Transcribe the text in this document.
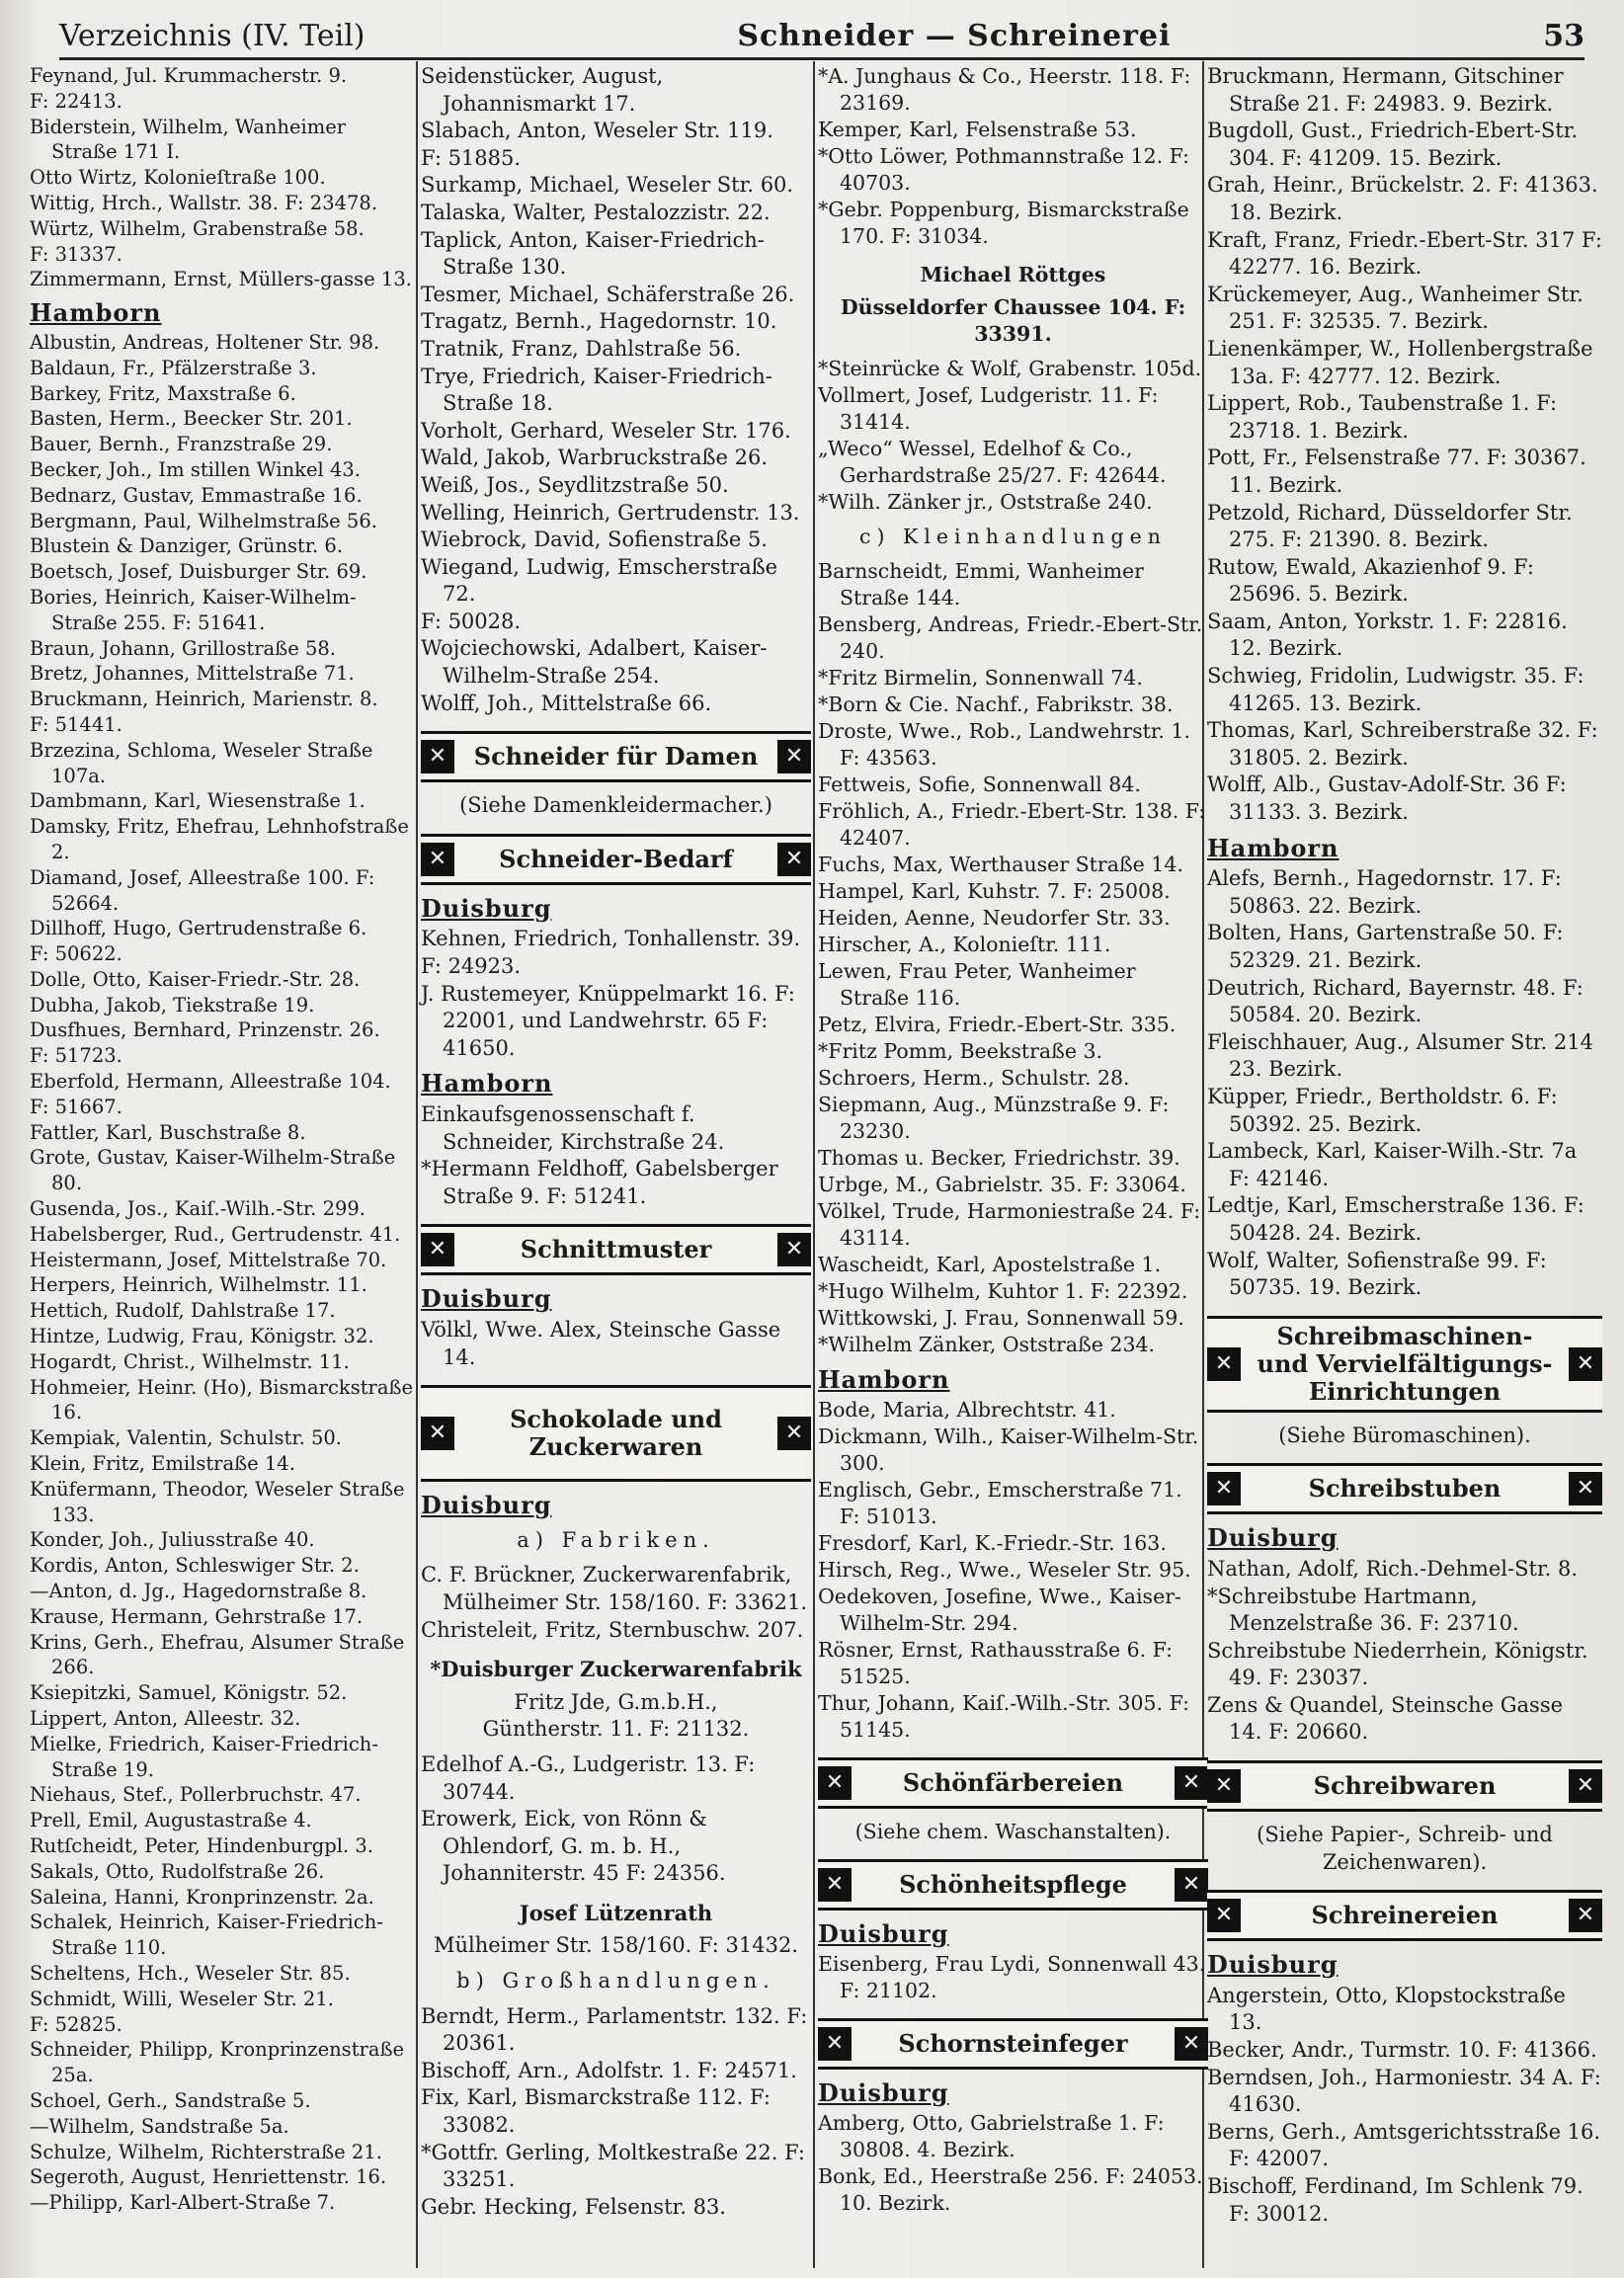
Verzeichnis (IV. Teil)	Schneider — Schreinerei	53

Feynand, Jul. Krummacherstr. 9.

F: 22413.

Biderstein, Wilhelm, Wanheimer Straße 171 I.

Otto Wirtz, Kolonieſtraße 100.

Wittig, Hrch., Wallstr. 38. F: 23478.

Würtz, Wilhelm, Grabenstraße 58.

F: 31337.

Zimmermann, Ernst, Müllers-gasse 13.

Hamborn

Albustin, Andreas, Holtener Str. 98.

Baldaun, Fr., Pfälzerstraße 3.

Barkey, Fritz, Maxstraße 6.

Basten, Herm., Beecker Str. 201.

Bauer, Bernh., Franzstraße 29.

Becker, Joh., Im stillen Winkel 43.

Bednarz, Gustav, Emmastraße 16.

Bergmann, Paul, Wilhelmstraße 56.

Blustein & Danziger, Grünstr. 6.

Boetsch, Josef, Duisburger Str. 69.

Bories, Heinrich, Kaiser-Wilhelm-Straße 255. F: 51641.

Braun, Johann, Grillostraße 58.

Bretz, Johannes, Mittelstraße 71.

Bruckmann, Heinrich, Marienstr. 8.

F: 51441.

Brzezina, Schloma, Weseler Straße 107a.

Dambmann, Karl, Wiesenstraße 1.

Damsky, Fritz, Ehefrau, Lehnhofstraße 2.

Diamand, Josef, Alleestraße 100. F: 52664.

Dillhoff, Hugo, Gertrudenstraße 6.

F: 50622.

Dolle, Otto, Kaiser-Friedr.-Str. 28.

Dubha, Jakob, Tiekstraße 19.

Dusfhues, Bernhard, Prinzenstr. 26.

F: 51723.

Eberfold, Hermann, Alleestraße 104.

F: 51667.

Fattler, Karl, Buschstraße 8.

Grote, Gustav, Kaiser-Wilhelm-Straße 80.

Gusenda, Jos., Kaiſ.-Wilh.-Str. 299.

Habelsberger, Rud., Gertrudenstr. 41.

Heistermann, Josef, Mittelstraße 70.

Herpers, Heinrich, Wilhelmstr. 11.

Hettich, Rudolf, Dahlstraße 17.

Hintze, Ludwig, Frau, Königstr. 32.

Hogardt, Christ., Wilhelmstr. 11.

Hohmeier, Heinr. (Ho), Bismarckstraße 16.

Kempiak, Valentin, Schulstr. 50.

Klein, Fritz, Emilstraße 14.

Knüfermann, Theodor, Weseler Straße 133.

Konder, Joh., Juliusstraße 40.

Kordis, Anton, Schleswiger Str. 2.

—Anton, d. Jg., Hagedornstraße 8.

Krause, Hermann, Gehrstraße 17.

Krins, Gerh., Ehefrau, Alsumer Straße 266.

Ksiepitzki, Samuel, Königstr. 52.

Lippert, Anton, Alleestr. 32.

Mielke, Friedrich, Kaiser-Friedrich-Straße 19.

Niehaus, Stef., Pollerbruchstr. 47.

Prell, Emil, Augustastraße 4.

Rutſcheidt, Peter, Hindenburgpl. 3.

Sakals, Otto, Rudolfstraße 26.

Saleina, Hanni, Kronprinzenstr. 2a.

Schalek, Heinrich, Kaiser-Friedrich-Straße 110.

Scheltens, Hch., Weseler Str. 85.

Schmidt, Willi, Weseler Str. 21.

F: 52825.

Schneider, Philipp, Kronprinzenstraße 25a.

Schoel, Gerh., Sandstraße 5.

—Wilhelm, Sandstraße 5a.

Schulze, Wilhelm, Richterstraße 21.

Segeroth, August, Henriettenstr. 16.

—Philipp, Karl-Albert-Straße 7.

Seidenstücker, August, Johannismarkt 17.

Slabach, Anton, Weseler Str. 119.

F: 51885.

Surkamp, Michael, Weseler Str. 60.

Talaska, Walter, Pestalozzistr. 22.

Taplick, Anton, Kaiser-Friedrich-Straße 130.

Tesmer, Michael, Schäferstraße 26.

Tragatz, Bernh., Hagedornstr. 10.

Tratnik, Franz, Dahlstraße 56.

Trye, Friedrich, Kaiser-Friedrich-Straße 18.

Vorholt, Gerhard, Weseler Str. 176.

Wald, Jakob, Warbruckstraße 26.

Weiß, Jos., Seydlitzstraße 50.

Welling, Heinrich, Gertrudenstr. 13.

Wiebrock, David, Sofienstraße 5.

Wiegand, Ludwig, Emscherstraße 72.

F: 50028.

Wojciechowski, Adalbert, Kaiser-Wilhelm-Straße 254.

Wolff, Joh., Mittelstraße 66.

✕	Schneider für Damen	✕

(Siehe Damenkleidermacher.)

✕	Schneider-Bedarf	✕
Duisburg

Kehnen, Friedrich, Tonhallenstr. 39.

F: 24923.

J. Rustemeyer, Knüppelmarkt 16. F: 22001, und Landwehrstr. 65 F: 41650.

Hamborn

Einkaufsgenossenschaft f. Schneider, Kirchstraße 24.

*Hermann Feldhoff, Gabelsberger Straße 9. F: 51241.

✕	Schnittmuster	✕
Duisburg

Völkl, Wwe. Alex, Steinsche Gasse 14.

✕	Schokolade und Zuckerwaren	✕
Duisburg

a) Fabriken.

C. F. Brückner, Zuckerwarenfabrik, Mülheimer Str. 158/160. F: 33621.

Christeleit, Fritz, Sternbuschw. 207.

*Duisburger Zuckerwarenfabrik

Fritz Jde, G.m.b.H.,

Güntherstr. 11. F: 21132.

Edelhof A.-G., Ludgeristr. 13. F: 30744.

Erowerk, Eick, von Rönn & Ohlendorf, G. m. b. H., Johanniterstr. 45 F: 24356.

Josef Lützenrath

Mülheimer Str. 158/160. F: 31432.

b) Großhandlungen.

Berndt, Herm., Parlamentstr. 132. F: 20361.

Bischoff, Arn., Adolfstr. 1. F: 24571.

Fix, Karl, Bismarckstraße 112. F: 33082.

*Gottfr. Gerling, Moltkestraße 22. F: 33251.

Gebr. Hecking, Felsenstr. 83.

*A. Junghaus & Co., Heerstr. 118. F: 23169.

Kemper, Karl, Felsenstraße 53.

*Otto Löwer, Pothmannstraße 12. F: 40703.

*Gebr. Poppenburg, Bismarckstraße 170. F: 31034.

Michael Röttges

Düsseldorfer Chaussee 104. F: 33391.

*Steinrücke & Wolf, Grabenstr. 105d.

Vollmert, Josef, Ludgeristr. 11. F: 31414.

„Weco“ Wessel, Edelhof & Co., Gerhardstraße 25/27. F: 42644.

*Wilh. Zänker jr., Oststraße 240.

c) Kleinhandlungen

Barnscheidt, Emmi, Wanheimer Straße 144.

Bensberg, Andreas, Friedr.-Ebert-Str. 240.

*Fritz Birmelin, Sonnenwall 74.

*Born & Cie. Nachf., Fabrikstr. 38.

Droste, Wwe., Rob., Landwehrstr. 1. F: 43563.

Fettweis, Sofie, Sonnenwall 84.

Fröhlich, A., Friedr.-Ebert-Str. 138. F: 42407.

Fuchs, Max, Werthauser Straße 14.

Hampel, Karl, Kuhstr. 7. F: 25008.

Heiden, Aenne, Neudorfer Str. 33.

Hirscher, A., Kolonieſtr. 111.

Lewen, Frau Peter, Wanheimer Straße 116.

Petz, Elvira, Friedr.-Ebert-Str. 335.

*Fritz Pomm, Beekstraße 3.

Schroers, Herm., Schulstr. 28.

Siepmann, Aug., Münzstraße 9. F: 23230.

Thomas u. Becker, Friedrichstr. 39.

Urbge, M., Gabrielstr. 35. F: 33064.

Völkel, Trude, Harmoniestraße 24. F: 43114.

Wascheidt, Karl, Apostelstraße 1.

*Hugo Wilhelm, Kuhtor 1. F: 22392.

Wittkowski, J. Frau, Sonnenwall 59.

*Wilhelm Zänker, Oststraße 234.

Hamborn

Bode, Maria, Albrechtstr. 41.

Dickmann, Wilh., Kaiser-Wilhelm-Str. 300.

Englisch, Gebr., Emscherstraße 71. F: 51013.

Fresdorf, Karl, K.-Friedr.-Str. 163.

Hirsch, Reg., Wwe., Weseler Str. 95.

Oedekoven, Josefine, Wwe., Kaiser-Wilhelm-Str. 294.

Rösner, Ernst, Rathausstraße 6. F: 51525.

Thur, Johann, Kaiſ.-Wilh.-Str. 305. F: 51145.

✕	Schönfärbereien	✕

(Siehe chem. Waschanstalten).

✕	Schönheitspflege	✕
Duisburg

Eisenberg, Frau Lydi, Sonnenwall 43. F: 21102.

✕	Schornsteinfeger	✕
Duisburg

Amberg, Otto, Gabrielstraße 1. F: 30808. 4. Bezirk.

Bonk, Ed., Heerstraße 256. F: 24053. 10. Bezirk.

Bruckmann, Hermann, Gitschiner Straße 21. F: 24983. 9. Bezirk.

Bugdoll, Gust., Friedrich-Ebert-Str. 304. F: 41209. 15. Bezirk.

Grah, Heinr., Brückelstr. 2. F: 41363. 18. Bezirk.

Kraft, Franz, Friedr.-Ebert-Str. 317 F: 42277. 16. Bezirk.

Krückemeyer, Aug., Wanheimer Str. 251. F: 32535. 7. Bezirk.

Lienenkämper, W., Hollenbergstraße 13a. F: 42777. 12. Bezirk.

Lippert, Rob., Taubenstraße 1. F: 23718. 1. Bezirk.

Pott, Fr., Felsenstraße 77. F: 30367. 11. Bezirk.

Petzold, Richard, Düsseldorfer Str. 275. F: 21390. 8. Bezirk.

Rutow, Ewald, Akazienhof 9. F: 25696. 5. Bezirk.

Saam, Anton, Yorkstr. 1. F: 22816. 12. Bezirk.

Schwieg, Fridolin, Ludwigstr. 35. F: 41265. 13. Bezirk.

Thomas, Karl, Schreiberstraße 32. F: 31805. 2. Bezirk.

Wolff, Alb., Gustav-Adolf-Str. 36 F: 31133. 3. Bezirk.

Hamborn

Alefs, Bernh., Hagedornstr. 17. F: 50863. 22. Bezirk.

Bolten, Hans, Gartenstraße 50. F: 52329. 21. Bezirk.

Deutrich, Richard, Bayernstr. 48. F: 50584. 20. Bezirk.

Fleischhauer, Aug., Alsumer Str. 214 23. Bezirk.

Küpper, Friedr., Bertholdstr. 6. F: 50392. 25. Bezirk.

Lambeck, Karl, Kaiser-Wilh.-Str. 7a F: 42146.

Ledtje, Karl, Emscherstraße 136. F: 50428. 24. Bezirk.

Wolf, Walter, Sofienstraße 99. F: 50735. 19. Bezirk.

✕
Schreibmaschinen- und Vervielfältigungs-Einrichtungen
✕

(Siehe Büromaschinen).

✕	Schreibstuben	✕
Duisburg

Nathan, Adolf, Rich.-Dehmel-Str. 8.

*Schreibstube Hartmann, Menzelstraße 36. F: 23710.

Schreibstube Niederrhein, Königstr. 49. F: 23037.

Zens & Quandel, Steinsche Gasse 14. F: 20660.

✕	Schreibwaren	✕

(Siehe Papier-, Schreib- und Zeichenwaren).

✕	Schreinereien	✕
Duisburg

Angerstein, Otto, Klopstockstraße 13.

Becker, Andr., Turmstr. 10. F: 41366.

Berndsen, Joh., Harmoniestr. 34 A. F: 41630.

Berns, Gerh., Amtsgerichtsstraße 16. F: 42007.

Bischoff, Ferdinand, Im Schlenk 79. F: 30012.
